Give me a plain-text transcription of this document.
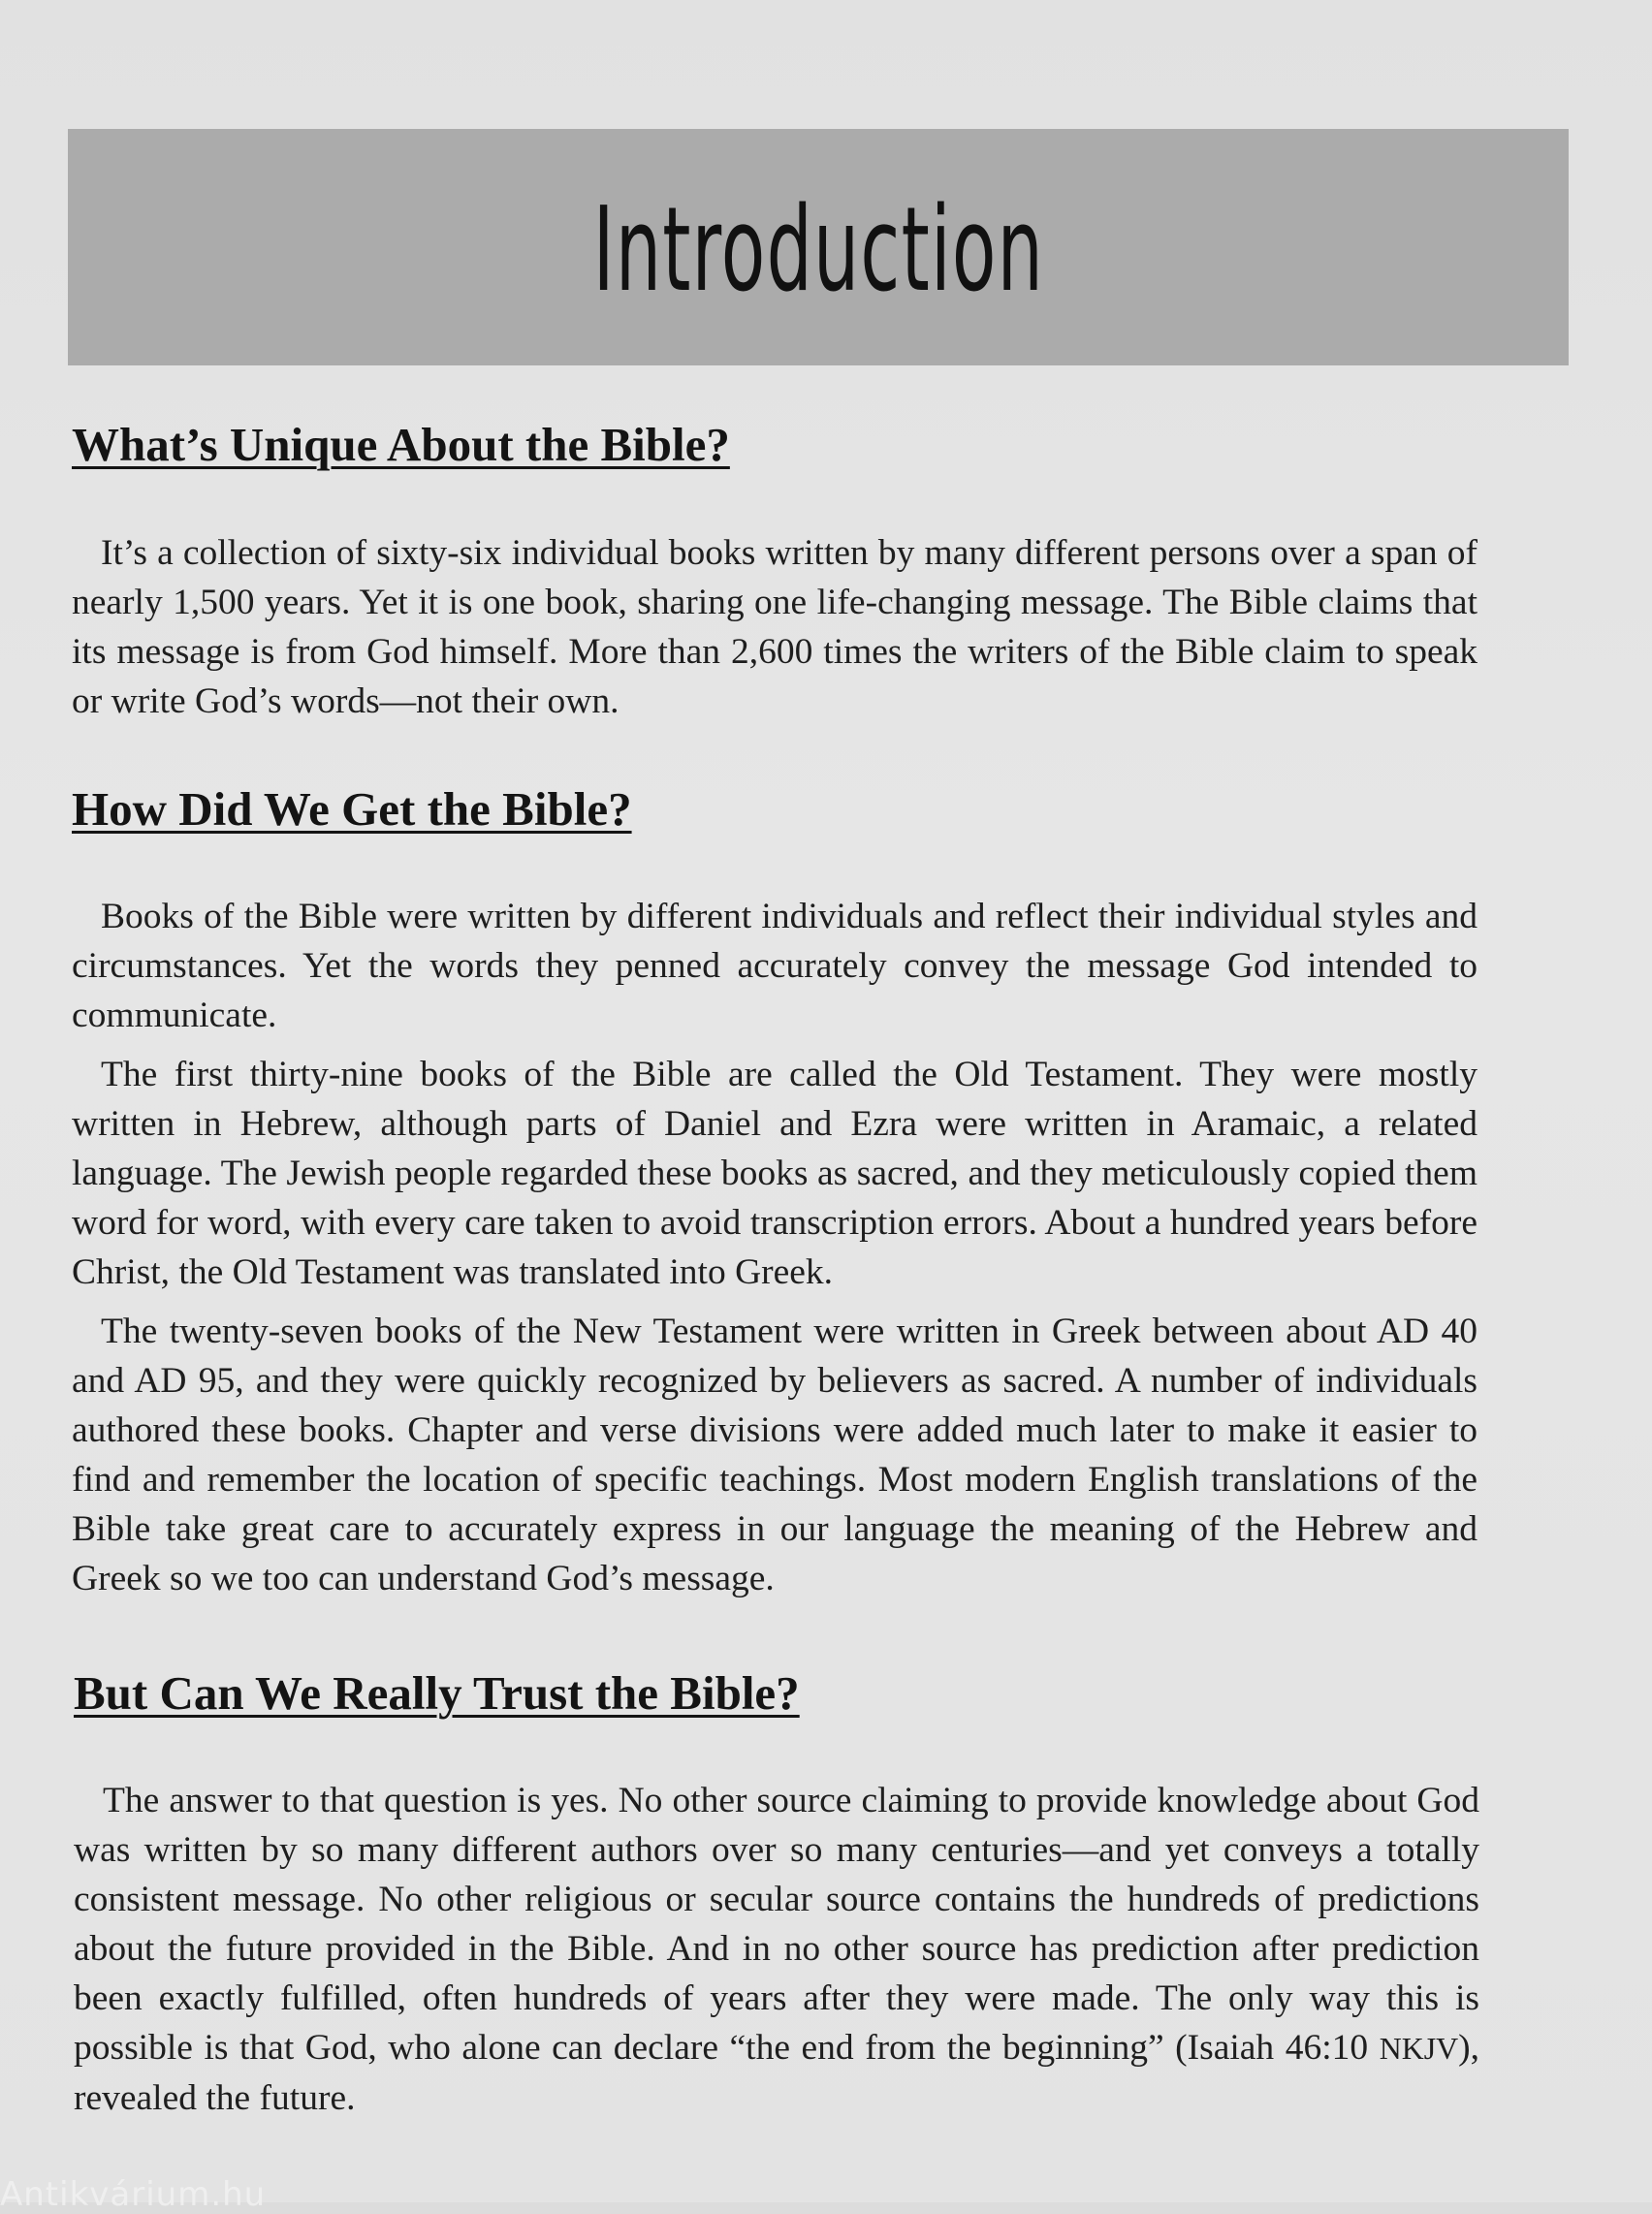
Introduction
What’s Unique About the Bible?

It’s a collection of sixty-six individual books written by many different persons over a span of nearly 1,500 years. Yet it is one book, sharing one life-changing message. The Bible claims that its message is from God himself. More than 2,600 times the writers of the Bible claim to speak or write God’s words—not their own.

How Did We Get the Bible?

Books of the Bible were written by different individuals and reflect their individual styles and circumstances. Yet the words they penned accurately convey the message God intended to communicate.

The first thirty-nine books of the Bible are called the Old Testament. They were mostly written in Hebrew, although parts of Daniel and Ezra were written in Aramaic, a related language. The Jewish people regarded these books as sacred, and they meticulously copied them word for word, with every care taken to avoid transcription errors. About a hundred years before Christ, the Old Testament was translated into Greek.

The twenty-seven books of the New Testament were written in Greek between about AD 40 and AD 95, and they were quickly recognized by believers as sacred. A number of individuals authored these books. Chapter and verse divisions were added much later to make it easier to find and remember the location of specific teachings. Most modern English translations of the Bible take great care to accurately express in our language the meaning of the Hebrew and Greek so we too can understand God’s message.

But Can We Really Trust the Bible?

The answer to that question is yes. No other source claiming to provide knowledge about God was written by so many different authors over so many centuries—and yet conveys a totally consistent message. No other religious or secular source contains the hundreds of predictions about the future provided in the Bible. And in no other source has prediction after prediction been exactly fulfilled, often hundreds of years after they were made. The only way this is possible is that God, who alone can declare “the end from the beginning” (Isaiah 46:10 NKJV), revealed the future.

Antikvárium.hu
